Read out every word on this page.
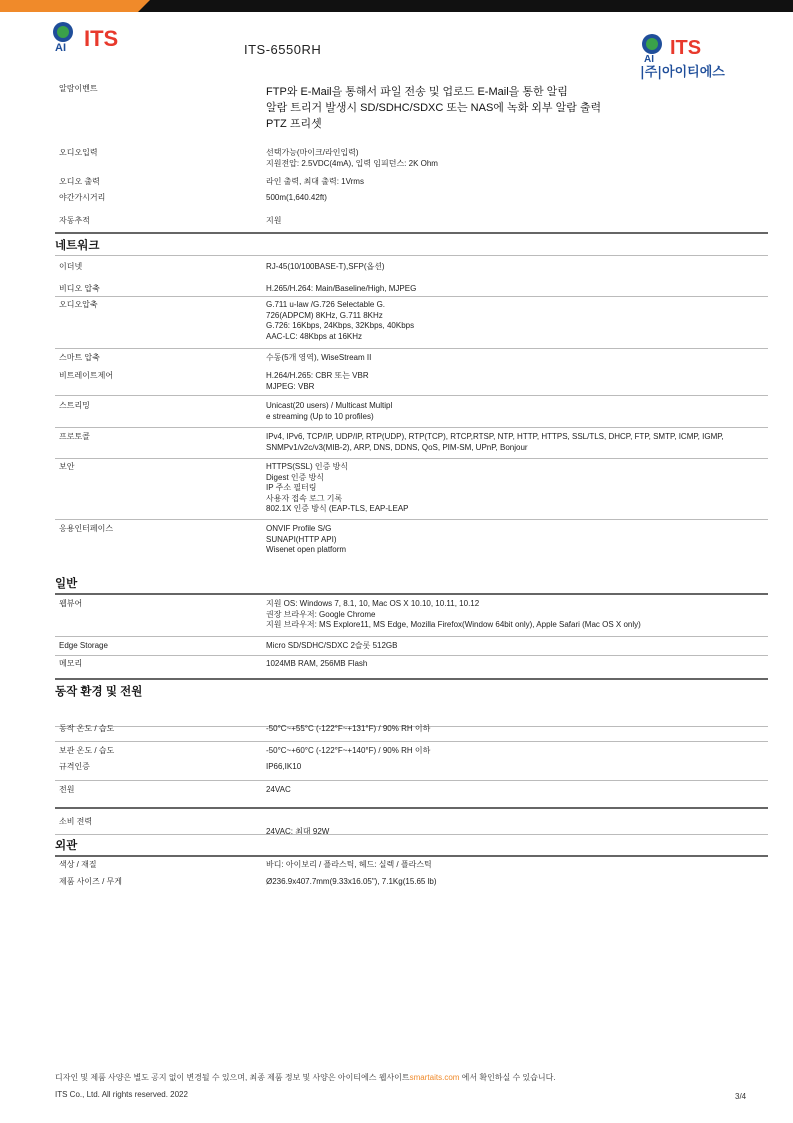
AI ITS	ITS-6550RH
AI
ITS
|주|아이티에스
알람이벤트	FTP와 E-Mail을 통해서 파일 전송 및 업로드 E-Mail을 통한 알림
알람 트리거 발생시 SD/SDHC/SDXC 또는 NAS에 녹화 외부 알람 출력
PTZ 프리셋
오디오입력	선택가능(마이크/라인입력)
지원전압: 2.5VDC(4mA), 입력 임피던스: 2K Ohm
오디오 출력	라인 출력, 최대 출력: 1Vrms
야간가시거리	500m(1,640.42ft)
자동추적	지원
네트워크
이더넷	RJ-45(10/100BASE-T),SFP(옵션)
비디오 압축	H.265/H.264: Main/Baseline/High, MJPEG
오디오압축	G.711 u-law /G.726 Selectable G.
726(ADPCM) 8KHz, G.711 8KHz
G.726: 16Kbps, 24Kbps, 32Kbps, 40Kbps
AAC-LC: 48Kbps at 16KHz
스마트 압축	수동(5개 영역), WiseStream II
비트레이트제어	H.264/H.265: CBR 또는 VBR
MJPEG: VBR
스트리밍	Unicast(20 users) / Multicast Multipl
e streaming (Up to 10 profiles)
프로토콜	IPv4, IPv6, TCP/IP, UDP/IP, RTP(UDP), RTP(TCP), RTCP,RTSP, NTP, HTTP, HTTPS, SSL/TLS, DHCP, FTP, SMTP, ICMP, IGMP,
SNMPv1/v2c/v3(MIB-2), ARP, DNS, DDNS, QoS, PIM-SM, UPnP, Bonjour
보안	HTTPS(SSL) 인증 방식
Digest 인증 방식
IP 주소 필터링
사용자 접속 로그 기록
802.1X 인증 방식 (EAP-TLS, EAP-LEAP
응용인터페이스	ONVIF Profile S/G
SUNAPI(HTTP API)
Wisenet open platform
일반
웹뷰어	지원 OS: Windows 7, 8.1, 10, Mac OS X 10.10, 10.11, 10.12
권장 브라우저: Google Chrome
지원 브라우저: MS Explore11, MS Edge, Mozilla Firefox(Window 64bit only), Apple Safari (Mac OS X only)
Edge Storage	Micro SD/SDHC/SDXC 2슬롯 512GB
메모리	1024MB RAM, 256MB Flash
동작 환경 및 전원
동작 온도 / 습도	-50°C~+55°C (-122°F~+131°F) / 90% RH 이하
보관 온도 / 습도	-50°C~+60°C (-122°F~+140°F) / 90% RH 이하
규격인증	IP66,IK10
전원	24VAC
소비 전력
24VAC: 최대 92W
외관
색상 / 재질	바디: 아이보리 / 플라스틱, 헤드: 실렉 / 플라스틱
제품 사이즈 / 무게	Ø236.9x407.7mm(9.33x16.05"), 7.1Kg(15.65 lb)
디자인 및 제품 사양은 별도 공지 없이 변경될 수 있으며, 최종 제품 정보 및 사양은 아이티에스 웹사이트smartaits.com 에서 확인하실 수 있습니다.
ITS Co., Ltd. All rights reserved. 2022	3/4
